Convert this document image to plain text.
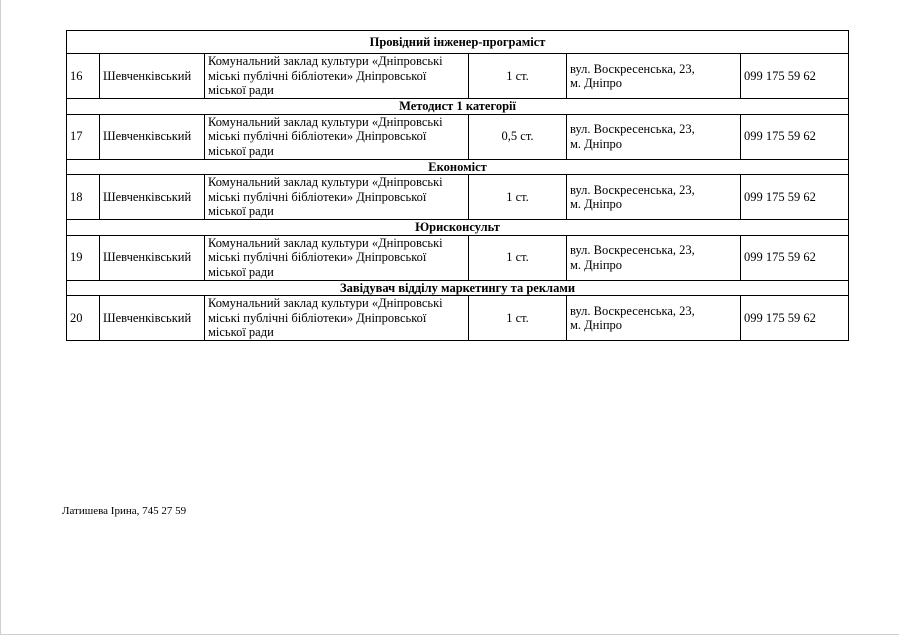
Провідний інженер-програміст					
16	Шевченківський	Комунальний заклад культури «Дніпровські міські публічні бібліотеки» Дніпровської міської ради	1 ст.	вул. Воскресенська, 23,
м. Дніпро	099 175 59 62
Методист 1 категорії					
17	Шевченківський	Комунальний заклад культури «Дніпровські міські публічні бібліотеки» Дніпровської міської ради	0,5 ст.	вул. Воскресенська, 23,
м. Дніпро	099 175 59 62
Економіст					
18	Шевченківський	Комунальний заклад культури «Дніпровські міські публічні бібліотеки» Дніпровської міської ради	1 ст.	вул. Воскресенська, 23,
м. Дніпро	099 175 59 62
Юрисконсульт					
19	Шевченківський	Комунальний заклад культури «Дніпровські міські публічні бібліотеки» Дніпровської міської ради	1 ст.	вул. Воскресенська, 23,
м. Дніпро	099 175 59 62
Завідувач відділу маркетингу та реклами					
20	Шевченківський	Комунальний заклад культури «Дніпровські міські публічні бібліотеки» Дніпровської міської ради	1 ст.	вул. Воскресенська, 23,
м. Дніпро	099 175 59 62
Латишева Ірина, 745 27 59
